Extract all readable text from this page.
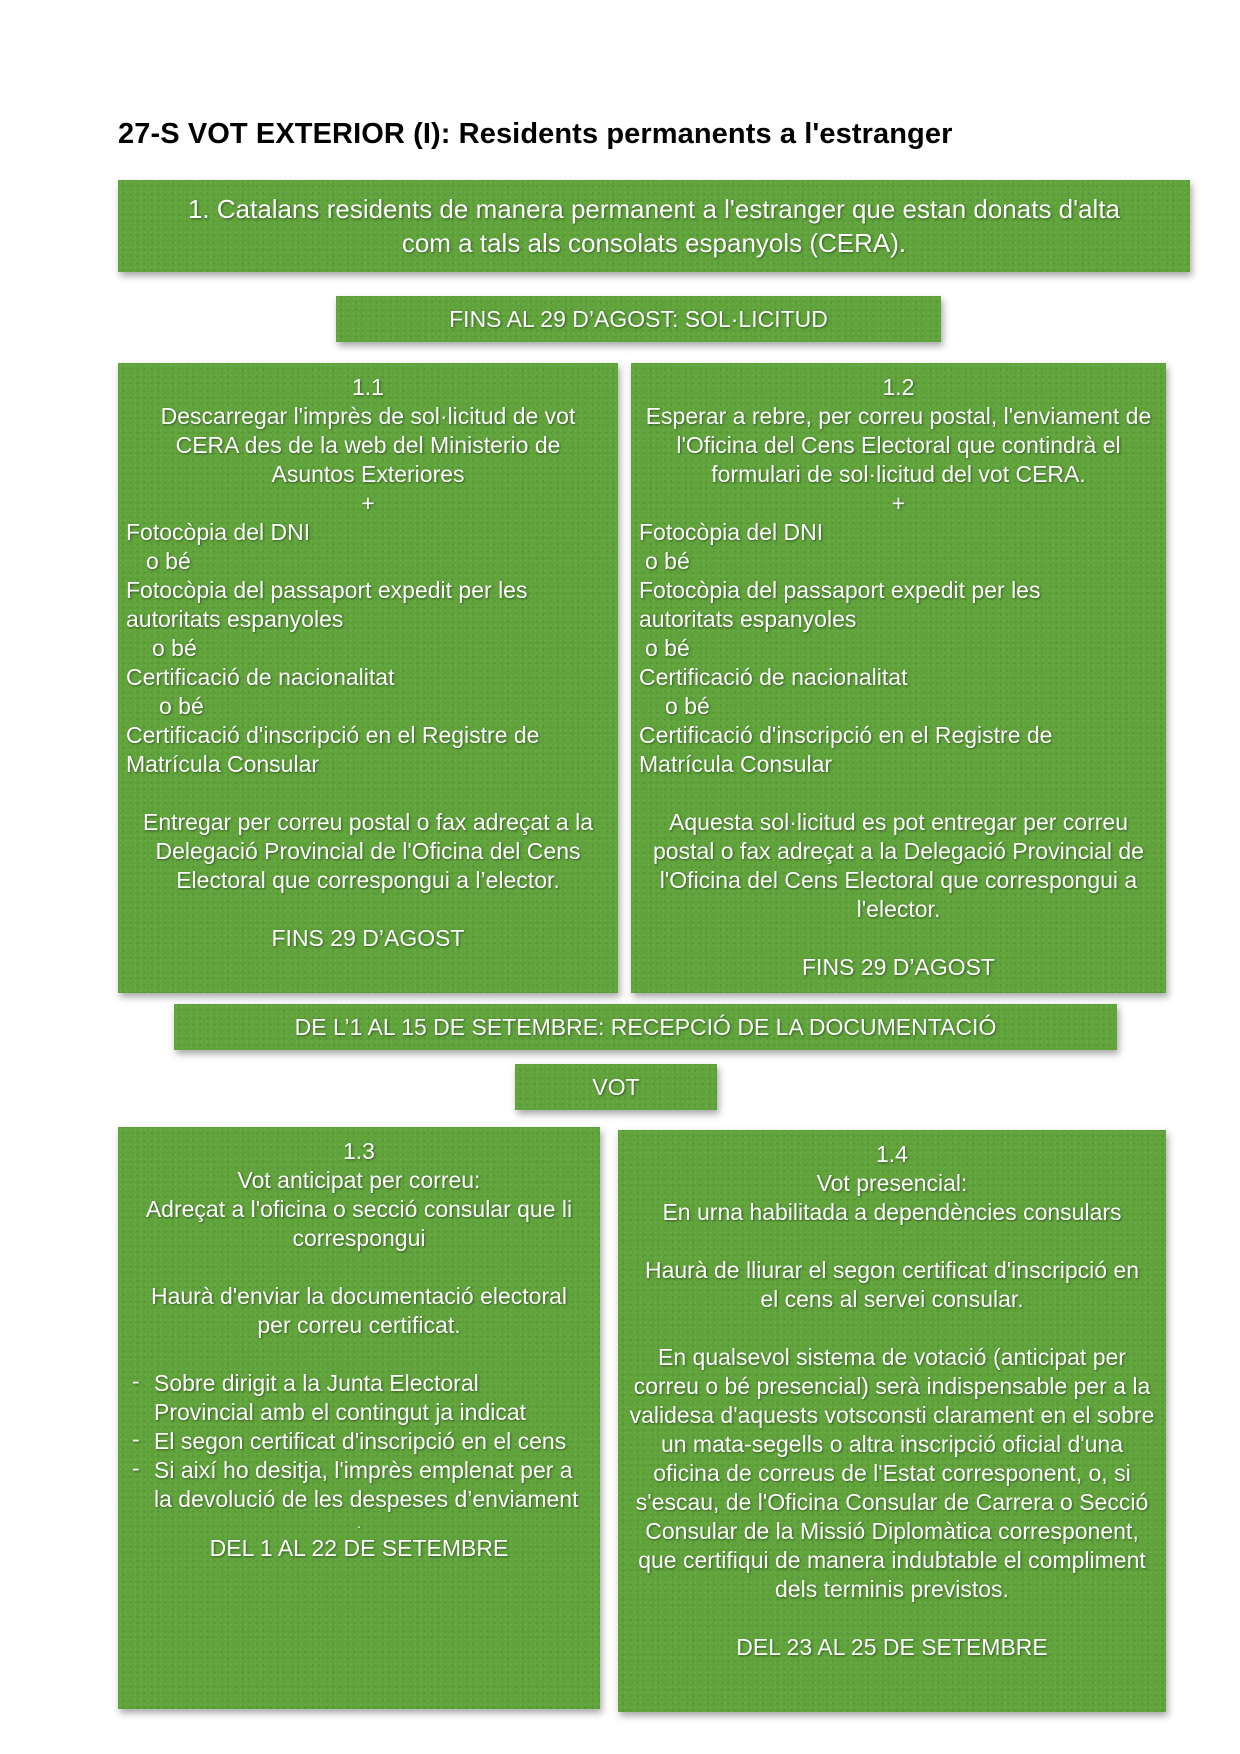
27-S VOT EXTERIOR (I): Residents permanents a l'estranger
1. Catalans residents de manera permanent a l'estranger que estan donats d'alta
com a tals als consolats espanyols (CERA).
FINS AL 29 D’AGOST: SOL·LICITUD
1.1
Descarregar l'imprès de sol·licitud de vot CERA des de la web del Ministerio de Asuntos Exteriores
+
Fotocòpia del DNI
o bé
Fotocòpia del passaport expedit per les autoritats espanyoles
o bé
Certificació de nacionalitat
o bé
Certificació d'inscripció en el Registre de Matrícula Consular
Entregar per correu postal o fax adreçat a la Delegació Provincial de l'Oficina del Cens Electoral que correspongui a l’elector.
FINS 29 D’AGOST
1.2
Esperar a rebre, per correu postal, l'enviament de l'Oficina del Cens Electoral que contindrà el formulari de sol·licitud del vot CERA.
+
Fotocòpia del DNI
o bé
Fotocòpia del passaport expedit per les autoritats espanyoles
o bé
Certificació de nacionalitat
o bé
Certificació d'inscripció en el Registre de Matrícula Consular
Aquesta sol·licitud es pot entregar per correu postal o fax adreçat a la Delegació Provincial de l'Oficina del Cens Electoral que correspongui a l'elector.
FINS 29 D’AGOST
DE L’1 AL 15 DE SETEMBRE: RECEPCIÓ DE LA DOCUMENTACIÓ
VOT
1.3
Vot anticipat per correu:
Adreçat a l'oficina o secció consular que li correspongui
Haurà d'enviar la documentació electoral per correu certificat.
- Sobre dirigit a la Junta Electoral Provincial amb el contingut ja indicat
- El segon certificat d'inscripció en el cens
- Si així ho desitja, l'imprès emplenat per a la devolució de les despeses d’enviament
.
DEL 1 AL 22 DE SETEMBRE
1.4
Vot presencial:
En urna habilitada a dependències consulars
Haurà de lliurar el segon certificat d'inscripció en el cens al servei consular.
En qualsevol sistema de votació (anticipat per correu o bé presencial) serà indispensable per a la validesa d'aquests votsconsti clarament en el sobre un mata-segells o altra inscripció oficial d'una oficina de correus de l'Estat corresponent, o, si s'escau, de l'Oficina Consular de Carrera o Secció Consular de la Missió Diplomàtica corresponent, que certifiqui de manera indubtable el compliment dels terminis previstos.
DEL 23 AL 25 DE SETEMBRE
